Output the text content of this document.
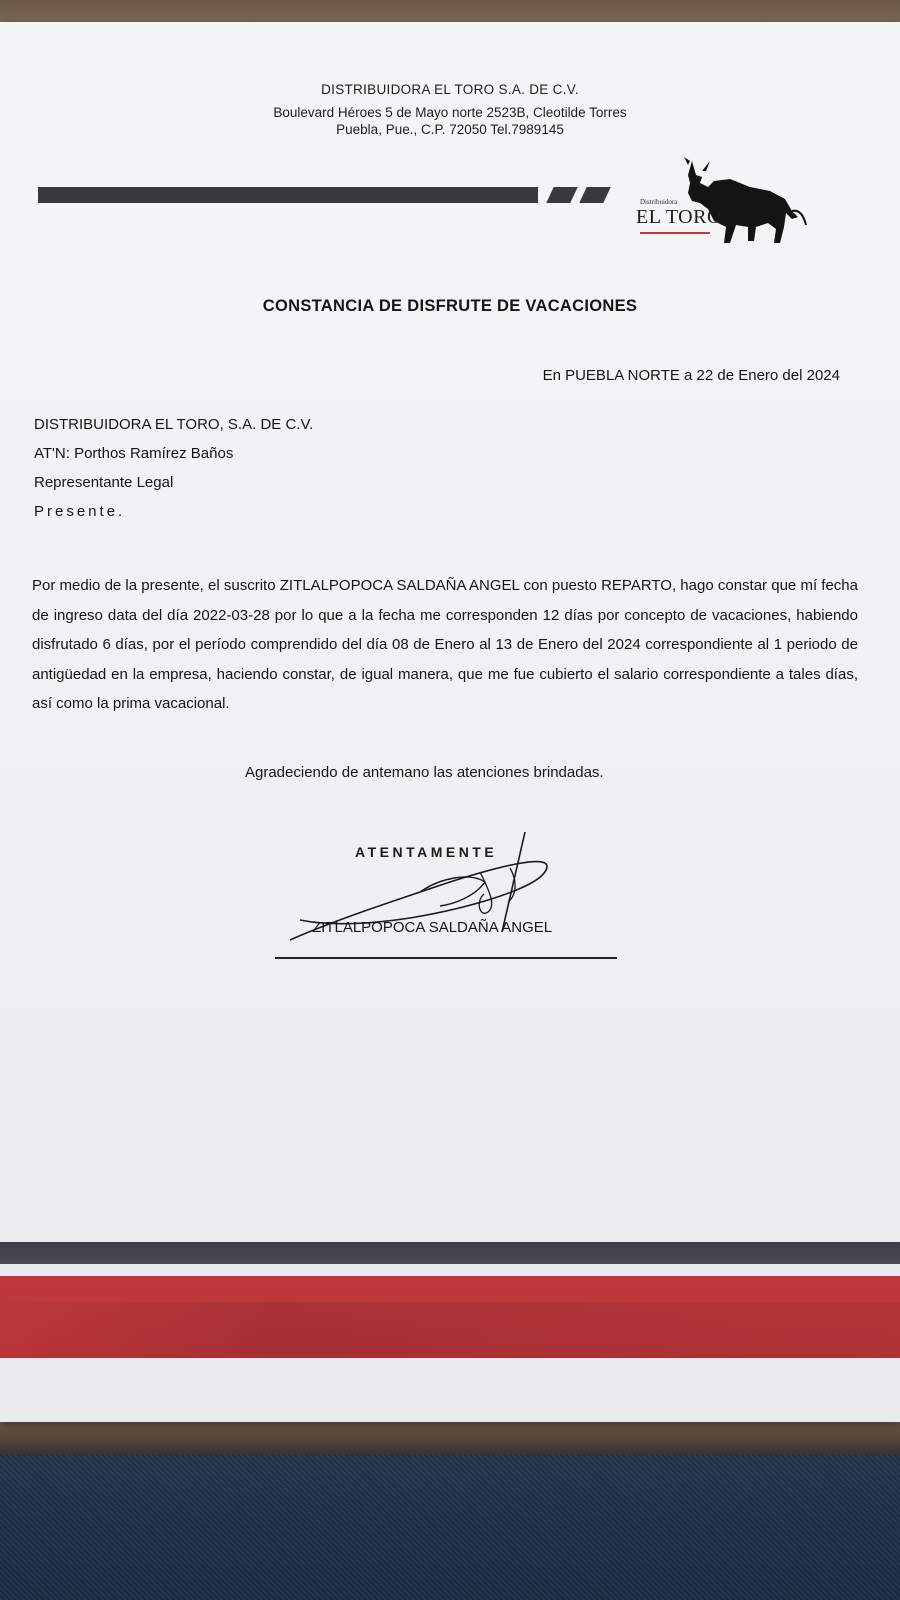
DISTRIBUIDORA EL TORO S.A. DE C.V.
Boulevard Héroes 5 de Mayo norte 2523B, Cleotilde Torres
Puebla, Pue., C.P. 72050 Tel.7989145
Distribuidora
EL TORO
CONSTANCIA DE DISFRUTE DE VACACIONES
En PUEBLA NORTE a 22 de Enero del 2024
DISTRIBUIDORA EL TORO, S.A. DE C.V.
AT'N: Porthos Ramírez Baños
Representante Legal
Presente.
Por medio de la presente, el suscrito ZITLALPOPOCA SALDAÑA ANGEL con puesto REPARTO, hago constar que mí fecha de ingreso data del día 2022-03-28 por lo que a la fecha me corresponden 12 días por concepto de vacaciones, habiendo disfrutado 6 días, por el período comprendido del día 08 de Enero al 13 de Enero del 2024 correspondiente al 1 periodo de antigüedad en la empresa, haciendo constar, de igual manera, que me fue cubierto el salario correspondiente a tales días, así como la prima vacacional.
Agradeciendo de antemano las atenciones brindadas.
ATENTAMENTE
ZITLALPOPOCA SALDAÑA ANGEL
